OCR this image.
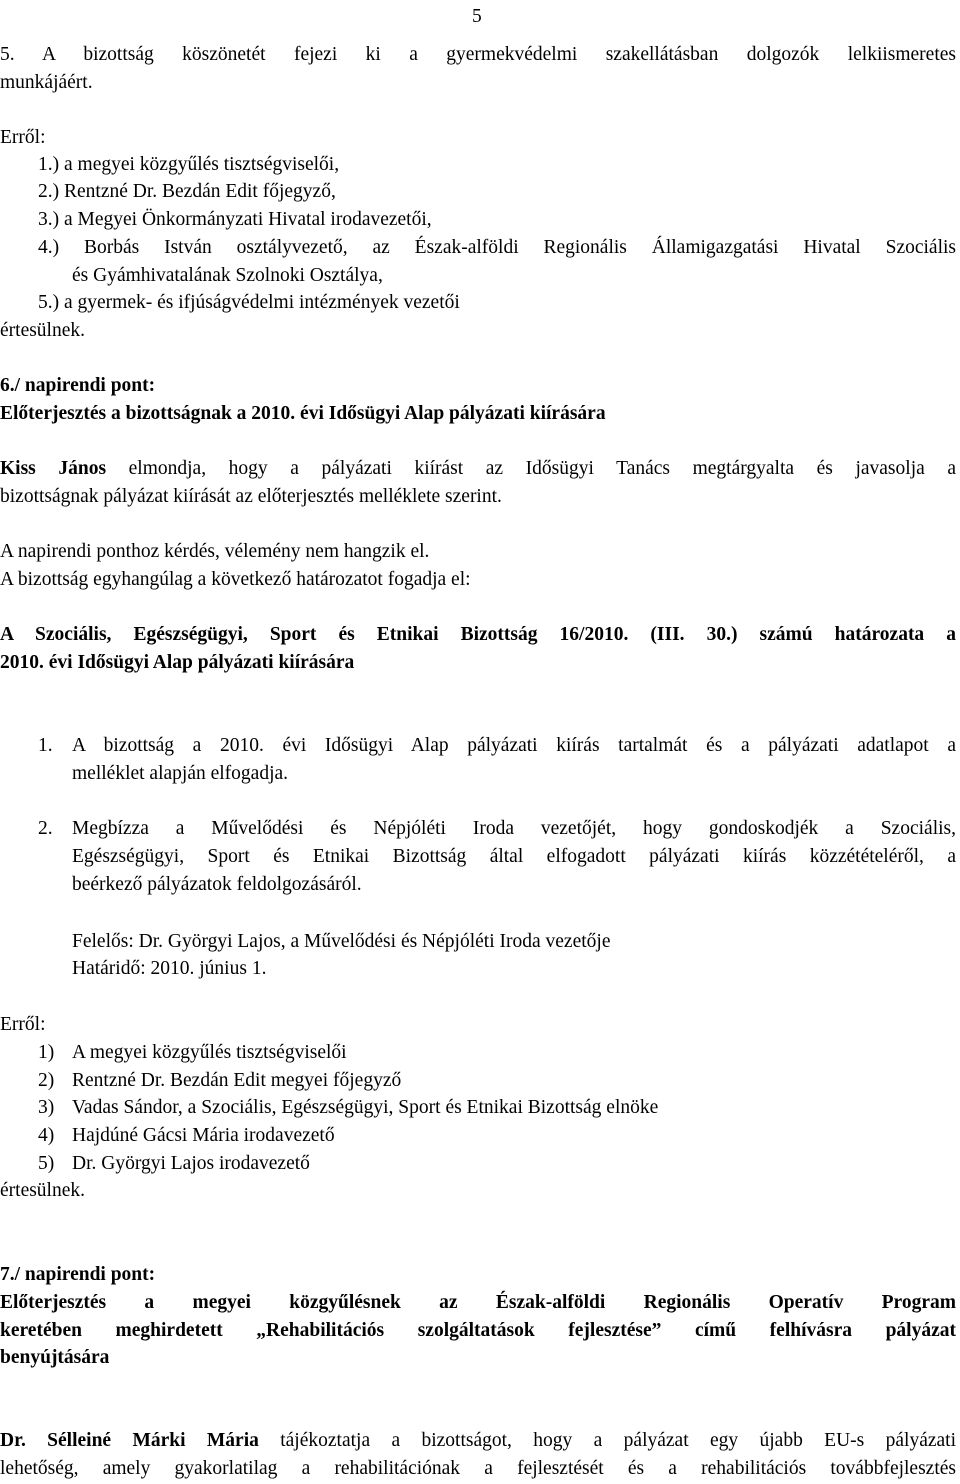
5
5. A bizottság köszönetét fejezi ki a gyermekvédelmi szakellátásban dolgozók lelkiismeretes
munkájáért.
Erről:
1.) a megyei közgyűlés tisztségviselői,
2.) Rentzné Dr. Bezdán Edit főjegyző,
3.) a Megyei Önkormányzati Hivatal irodavezetői,
4.) Borbás István osztályvezető, az Észak-alföldi Regionális Államigazgatási Hivatal Szociális
és Gyámhivatalának Szolnoki Osztálya,
5.) a gyermek- és ifjúságvédelmi intézmények vezetői
értesülnek.
6./ napirendi pont:
Előterjesztés a bizottságnak a 2010. évi Idősügyi Alap pályázati kiírására
Kiss János elmondja, hogy a pályázati kiírást az Idősügyi Tanács megtárgyalta és javasolja a
bizottságnak pályázat kiírását az előterjesztés melléklete szerint.
A napirendi ponthoz kérdés, vélemény nem hangzik el.
A bizottság egyhangúlag a következő határozatot fogadja el:
A Szociális, Egészségügyi, Sport és Etnikai Bizottság 16/2010. (III. 30.) számú határozata a
2010. évi Idősügyi Alap pályázati kiírására
1. A bizottság a 2010. évi Idősügyi Alap pályázati kiírás tartalmát és a pályázati adatlapot a
melléklet alapján elfogadja.
2. Megbízza a Művelődési és Népjóléti Iroda vezetőjét, hogy gondoskodjék a Szociális,
Egészségügyi, Sport és Etnikai Bizottság által elfogadott pályázati kiírás közzétételéről, a
beérkező pályázatok feldolgozásáról.
Felelős: Dr. Györgyi Lajos, a Művelődési és Népjóléti Iroda vezetője
Határidő: 2010. június 1.
Erről:
1) A megyei közgyűlés tisztségviselői
2) Rentzné Dr. Bezdán Edit megyei főjegyző
3) Vadas Sándor, a Szociális, Egészségügyi, Sport és Etnikai Bizottság elnöke
4) Hajdúné Gácsi Mária irodavezető
5) Dr. Györgyi Lajos irodavezető
értesülnek.
7./ napirendi pont:
Előterjesztés a megyei közgyűlésnek az Észak-alföldi Regionális Operatív Program
keretében meghirdetett „Rehabilitációs szolgáltatások fejlesztése” című felhívásra pályázat
benyújtására
Dr. Sélleiné Márki Mária tájékoztatja a bizottságot, hogy a pályázat egy újabb EU-s pályázati
lehetőség, amely gyakorlatilag a rehabilitációnak a fejlesztését és a rehabilitációs továbbfejlesztés
